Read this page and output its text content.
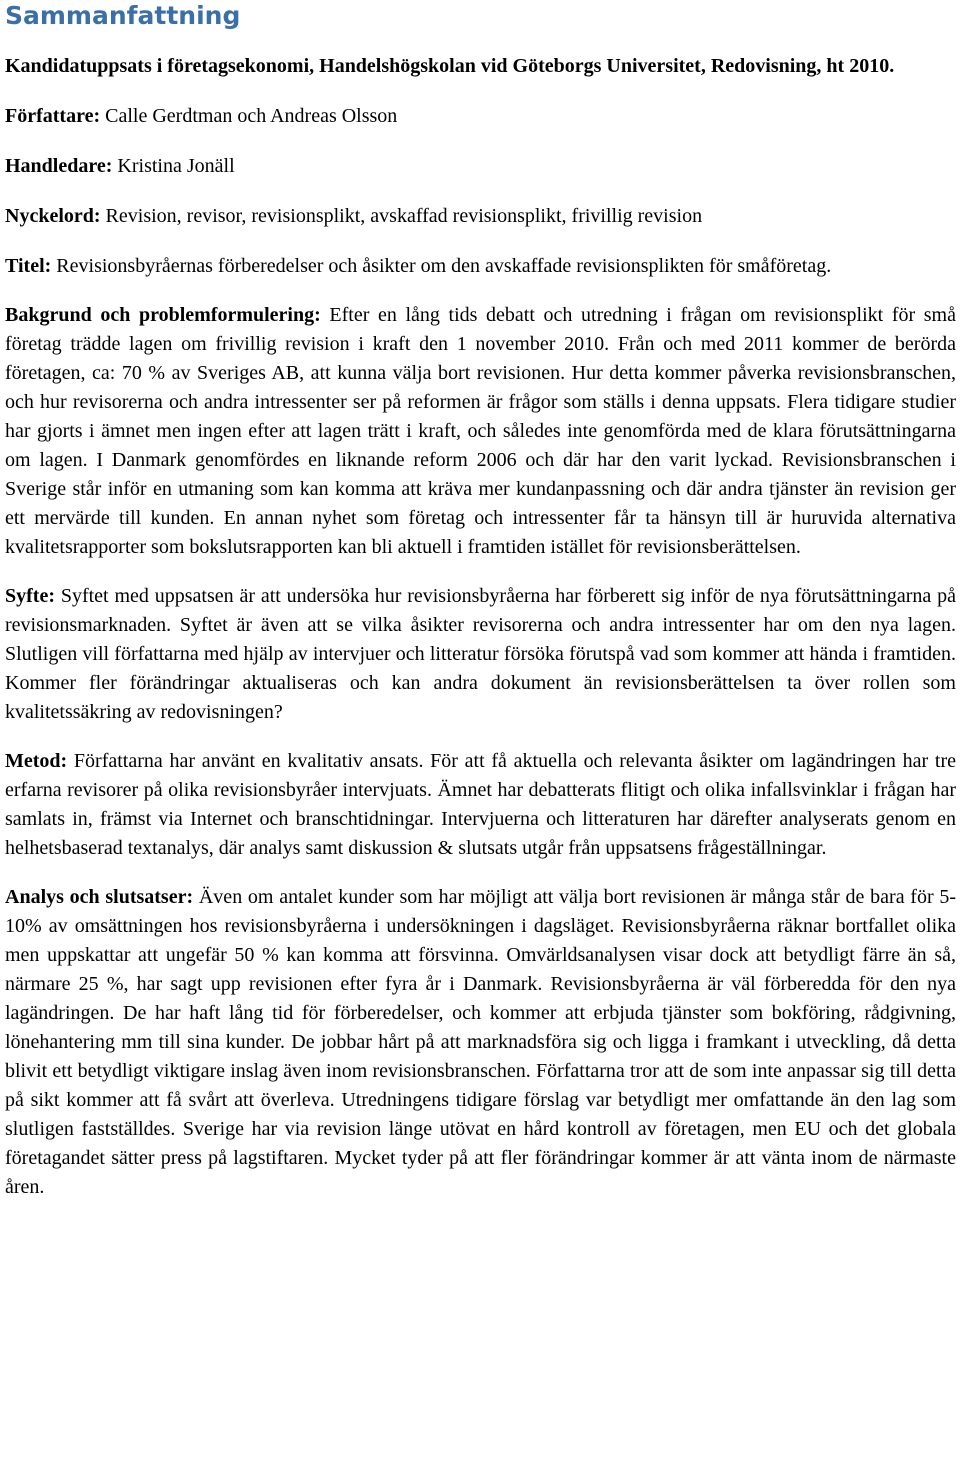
Sammanfattning

Kandidatuppsats i företagsekonomi, Handelshögskolan vid Göteborgs Universitet, Redovisning, ht 2010.

Författare: Calle Gerdtman och Andreas Olsson

Handledare: Kristina Jonäll

Nyckelord: Revision, revisor, revisionsplikt, avskaffad revisionsplikt, frivillig revision

Titel: Revisionsbyråernas förberedelser och åsikter om den avskaffade revisionsplikten för småföretag.

Bakgrund och problemformulering: Efter en lång tids debatt och utredning i frågan om revisionsplikt för små företag trädde lagen om frivillig revision i kraft den 1 november 2010. Från och med 2011 kommer de berörda företagen, ca: 70 % av Sveriges AB, att kunna välja bort revisionen. Hur detta kommer påverka revisionsbranschen, och hur revisorerna och andra intressenter ser på reformen är frågor som ställs i denna uppsats. Flera tidigare studier har gjorts i ämnet men ingen efter att lagen trätt i kraft, och således inte genomförda med de klara förutsättningarna om lagen. I Danmark genomfördes en liknande reform 2006 och där har den varit lyckad. Revisionsbranschen i Sverige står inför en utmaning som kan komma att kräva mer kundanpassning och där andra tjänster än revision ger ett mervärde till kunden. En annan nyhet som företag och intressenter får ta hänsyn till är huruvida alternativa kvalitetsrapporter som bokslutsrapporten kan bli aktuell i framtiden istället för revisionsberättelsen.

Syfte: Syftet med uppsatsen är att undersöka hur revisionsbyråerna har förberett sig inför de nya förutsättningarna på revisionsmarknaden. Syftet är även att se vilka åsikter revisorerna och andra intressenter har om den nya lagen. Slutligen vill författarna med hjälp av intervjuer och litteratur försöka förutspå vad som kommer att hända i framtiden. Kommer fler förändringar aktualiseras och kan andra dokument än revisionsberättelsen ta över rollen som kvalitetssäkring av redovisningen?

Metod: Författarna har använt en kvalitativ ansats. För att få aktuella och relevanta åsikter om lagändringen har tre erfarna revisorer på olika revisionsbyråer intervjuats. Ämnet har debatterats flitigt och olika infallsvinklar i frågan har samlats in, främst via Internet och branschtidningar. Intervjuerna och litteraturen har därefter analyserats genom en helhetsbaserad textanalys, där analys samt diskussion & slutsats utgår från uppsatsens frågeställningar.

Analys och slutsatser: Även om antalet kunder som har möjligt att välja bort revisionen är många står de bara för 5-10% av omsättningen hos revisionsbyråerna i undersökningen i dagsläget. Revisionsbyråerna räknar bortfallet olika men uppskattar att ungefär 50 % kan komma att försvinna. Omvärldsanalysen visar dock att betydligt färre än så, närmare 25 %, har sagt upp revisionen efter fyra år i Danmark. Revisionsbyråerna är väl förberedda för den nya lagändringen. De har haft lång tid för förberedelser, och kommer att erbjuda tjänster som bokföring, rådgivning, lönehantering mm till sina kunder. De jobbar hårt på att marknadsföra sig och ligga i framkant i utveckling, då detta blivit ett betydligt viktigare inslag även inom revisionsbranschen. Författarna tror att de som inte anpassar sig till detta på sikt kommer att få svårt att överleva. Utredningens tidigare förslag var betydligt mer omfattande än den lag som slutligen fastställdes. Sverige har via revision länge utövat en hård kontroll av företagen, men EU och det globala företagandet sätter press på lagstiftaren. Mycket tyder på att fler förändringar kommer är att vänta inom de närmaste åren.
